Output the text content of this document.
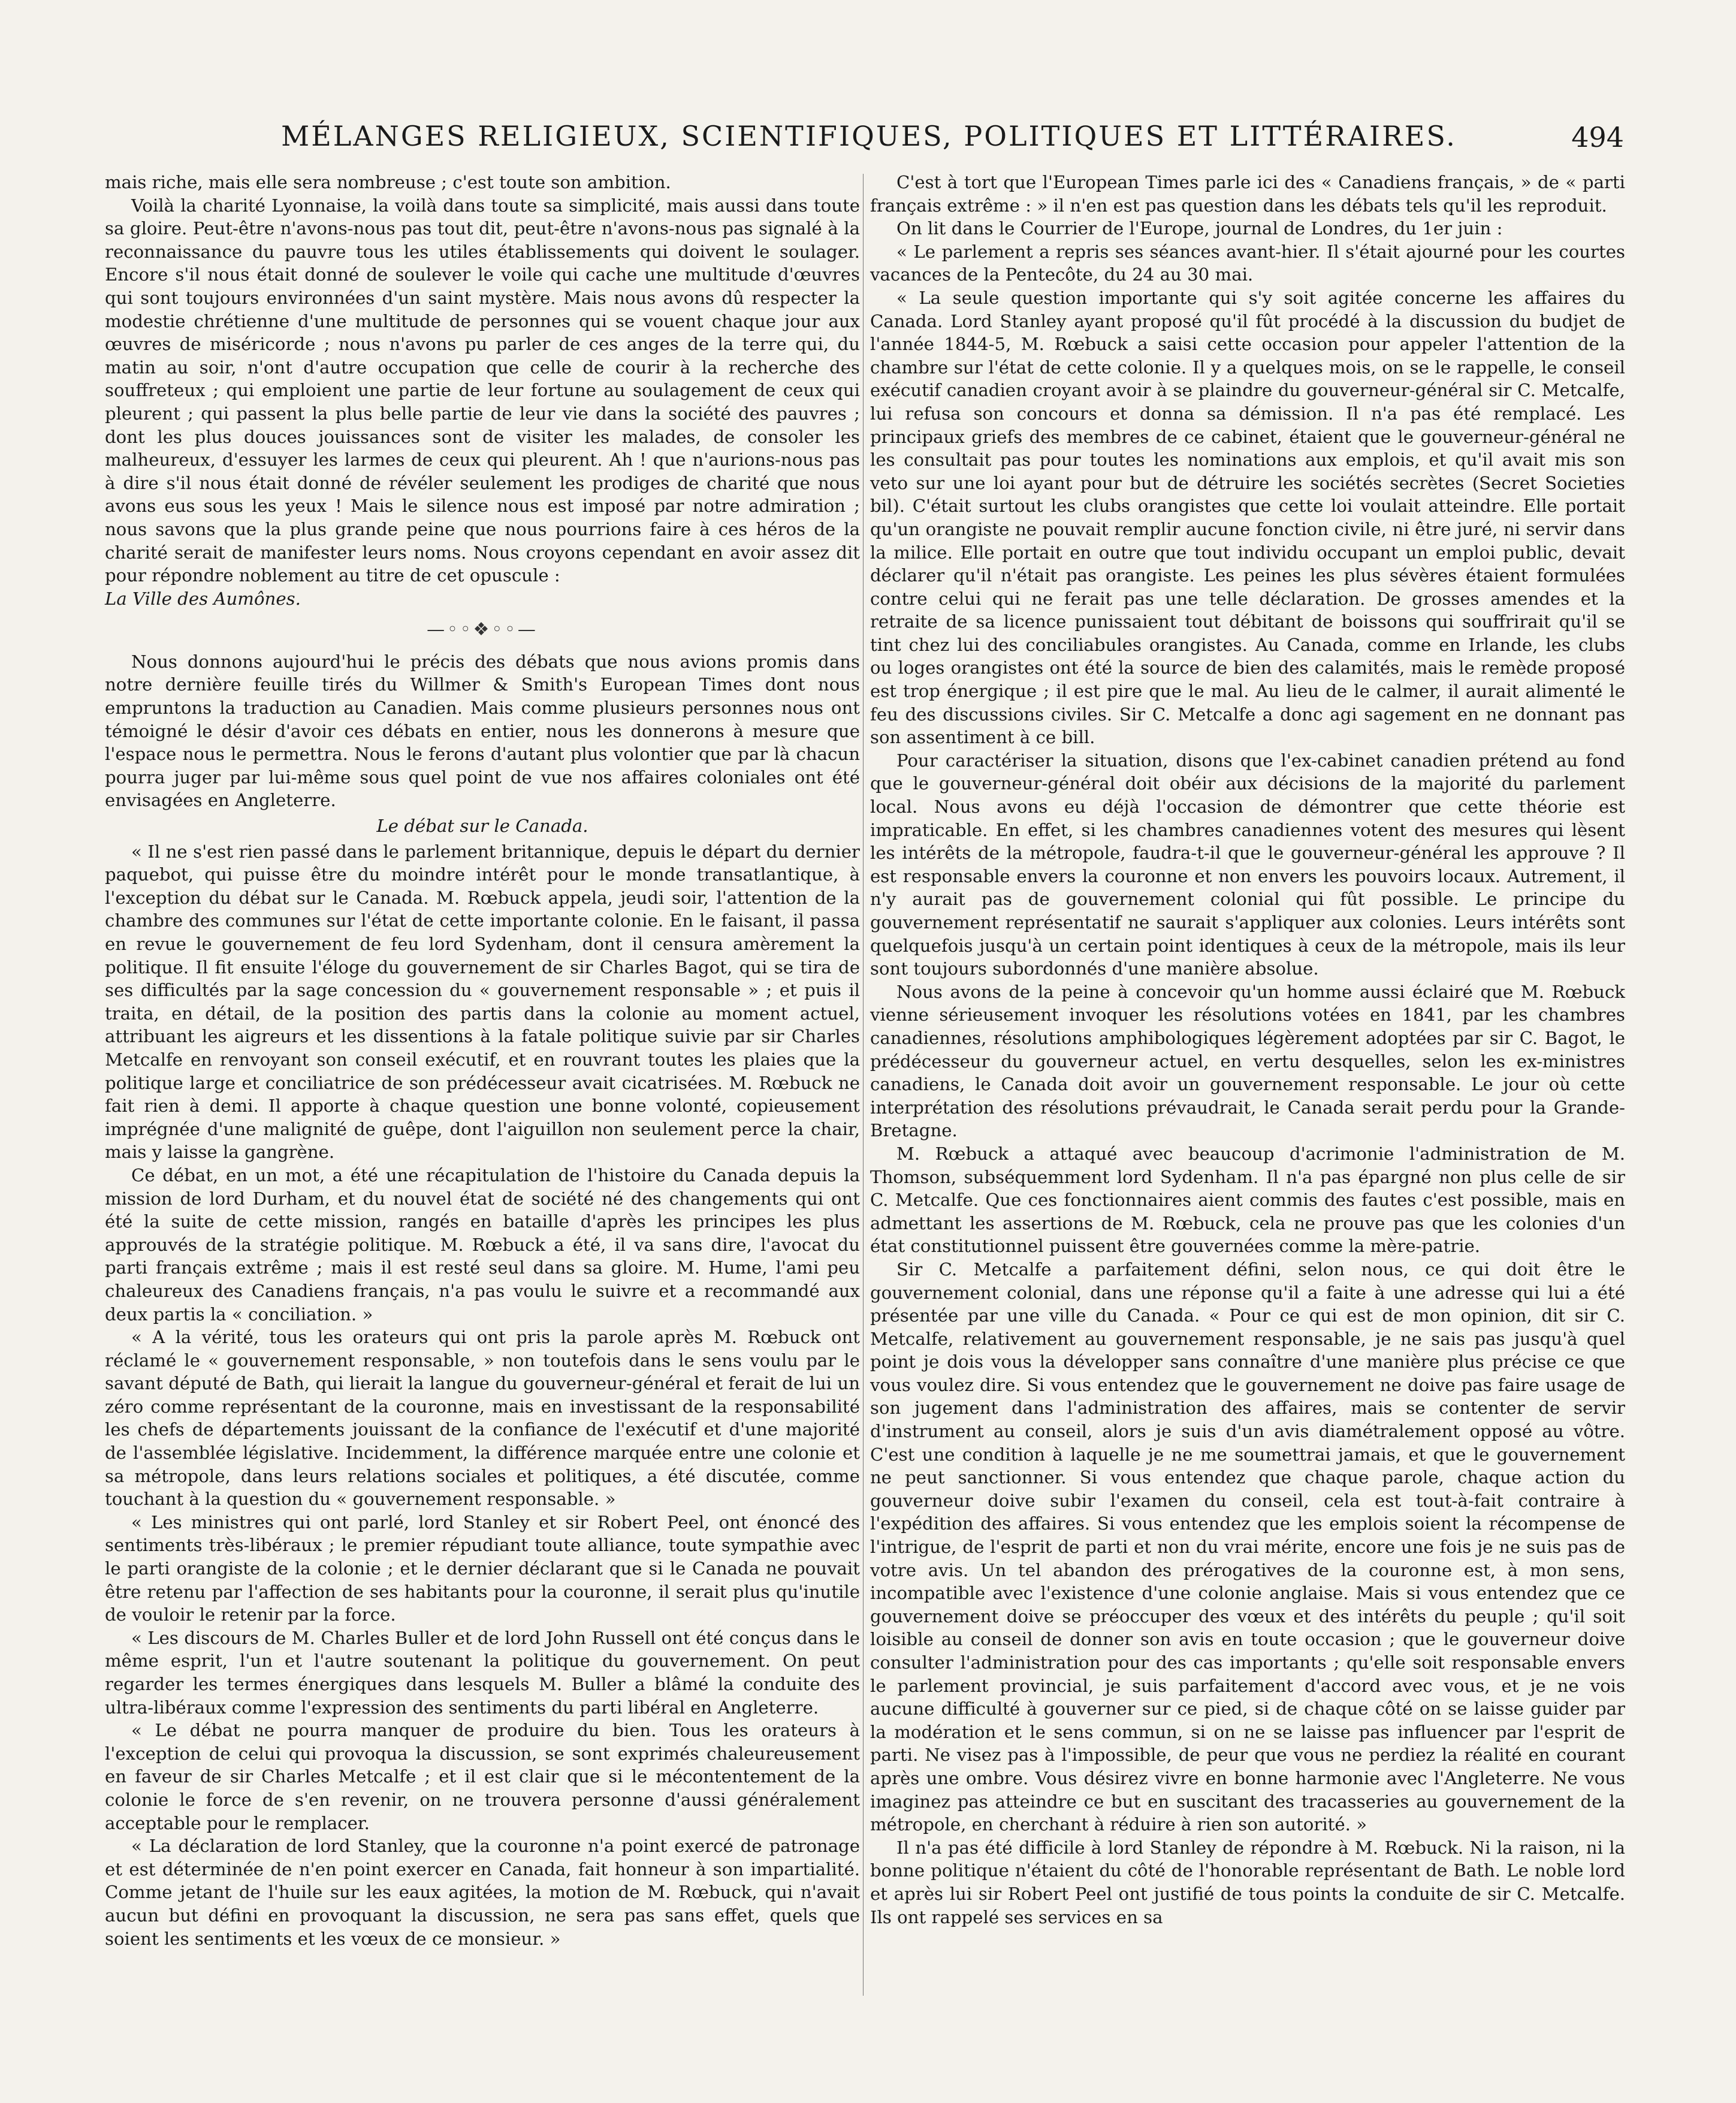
MÉLANGES RELIGIEUX, SCIENTIFIQUES, POLITIQUES ET LITTÉRAIRES.	494

mais riche, mais elle sera nombreuse ; c'est toute son ambition.

Voilà la charité Lyonnaise, la voilà dans toute sa simplicité, mais aussi dans toute sa gloire. Peut-être n'avons-nous pas tout dit, peut-être n'avons-nous pas signalé à la reconnaissance du pauvre tous les utiles établissements qui doivent le soulager. Encore s'il nous était donné de soulever le voile qui cache une multitude d'œuvres qui sont toujours environnées d'un saint mystère. Mais nous avons dû respecter la modestie chrétienne d'une multitude de personnes qui se vouent chaque jour aux œuvres de miséricorde ; nous n'avons pu parler de ces anges de la terre qui, du matin au soir, n'ont d'autre occupation que celle de courir à la recherche des souffreteux ; qui emploient une partie de leur fortune au soulagement de ceux qui pleurent ; qui passent la plus belle partie de leur vie dans la société des pauvres ; dont les plus douces jouissances sont de visiter les malades, de consoler les malheureux, d'essuyer les larmes de ceux qui pleurent. Ah ! que n'aurions-nous pas à dire s'il nous était donné de révéler seulement les prodiges de charité que nous avons eus sous les yeux ! Mais le silence nous est imposé par notre admiration ; nous savons que la plus grande peine que nous pourrions faire à ces héros de la charité serait de manifester leurs noms. Nous croyons cependant en avoir assez dit pour répondre noblement au titre de cet opuscule :

La Ville des Aumônes.

—◦◦❖◦◦—

Nous donnons aujourd'hui le précis des débats que nous avions promis dans notre dernière feuille tirés du Willmer & Smith's European Times dont nous empruntons la traduction au Canadien. Mais comme plusieurs personnes nous ont témoigné le désir d'avoir ces débats en entier, nous les donnerons à mesure que l'espace nous le permettra. Nous le ferons d'autant plus volontier que par là chacun pourra juger par lui-même sous quel point de vue nos affaires coloniales ont été envisagées en Angleterre.

Le débat sur le Canada.

« Il ne s'est rien passé dans le parlement britannique, depuis le départ du dernier paquebot, qui puisse être du moindre intérêt pour le monde transatlantique, à l'exception du débat sur le Canada. M. Rœbuck appela, jeudi soir, l'attention de la chambre des communes sur l'état de cette importante colonie. En le faisant, il passa en revue le gouvernement de feu lord Sydenham, dont il censura amèrement la politique. Il fit ensuite l'éloge du gouvernement de sir Charles Bagot, qui se tira de ses difficultés par la sage concession du « gouvernement responsable » ; et puis il traita, en détail, de la position des partis dans la colonie au moment actuel, attribuant les aigreurs et les dissentions à la fatale politique suivie par sir Charles Metcalfe en renvoyant son conseil exécutif, et en rouvrant toutes les plaies que la politique large et conciliatrice de son prédécesseur avait cicatrisées. M. Rœbuck ne fait rien à demi. Il apporte à chaque question une bonne volonté, copieusement imprégnée d'une malignité de guêpe, dont l'aiguillon non seulement perce la chair, mais y laisse la gangrène.

Ce débat, en un mot, a été une récapitulation de l'histoire du Canada depuis la mission de lord Durham, et du nouvel état de société né des changements qui ont été la suite de cette mission, rangés en bataille d'après les principes les plus approuvés de la stratégie politique. M. Rœbuck a été, il va sans dire, l'avocat du parti français extrême ; mais il est resté seul dans sa gloire. M. Hume, l'ami peu chaleureux des Canadiens français, n'a pas voulu le suivre et a recommandé aux deux partis la « conciliation. »

« A la vérité, tous les orateurs qui ont pris la parole après M. Rœbuck ont réclamé le « gouvernement responsable, » non toutefois dans le sens voulu par le savant député de Bath, qui lierait la langue du gouverneur-général et ferait de lui un zéro comme représentant de la couronne, mais en investissant de la responsabilité les chefs de départements jouissant de la confiance de l'exécutif et d'une majorité de l'assemblée législative. Incidemment, la différence marquée entre une colonie et sa métropole, dans leurs relations sociales et politiques, a été discutée, comme touchant à la question du « gouvernement responsable. »

« Les ministres qui ont parlé, lord Stanley et sir Robert Peel, ont énoncé des sentiments très-libéraux ; le premier répudiant toute alliance, toute sympathie avec le parti orangiste de la colonie ; et le dernier déclarant que si le Canada ne pouvait être retenu par l'affection de ses habitants pour la couronne, il serait plus qu'inutile de vouloir le retenir par la force.

« Les discours de M. Charles Buller et de lord John Russell ont été conçus dans le même esprit, l'un et l'autre soutenant la politique du gouvernement. On peut regarder les termes énergiques dans lesquels M. Buller a blâmé la conduite des ultra-libéraux comme l'expression des sentiments du parti libéral en Angleterre.

« Le débat ne pourra manquer de produire du bien. Tous les orateurs à l'exception de celui qui provoqua la discussion, se sont exprimés chaleureusement en faveur de sir Charles Metcalfe ; et il est clair que si le mécontentement de la colonie le force de s'en revenir, on ne trouvera personne d'aussi généralement acceptable pour le remplacer.

« La déclaration de lord Stanley, que la couronne n'a point exercé de patronage et est déterminée de n'en point exercer en Canada, fait honneur à son impartialité. Comme jetant de l'huile sur les eaux agitées, la motion de M. Rœbuck, qui n'avait aucun but défini en provoquant la discussion, ne sera pas sans effet, quels que soient les sentiments et les vœux de ce monsieur. »

C'est à tort que l'European Times parle ici des « Canadiens français, » de « parti français extrême : » il n'en est pas question dans les débats tels qu'il les reproduit.

On lit dans le Courrier de l'Europe, journal de Londres, du 1er juin :

« Le parlement a repris ses séances avant-hier. Il s'était ajourné pour les courtes vacances de la Pentecôte, du 24 au 30 mai.

« La seule question importante qui s'y soit agitée concerne les affaires du Canada. Lord Stanley ayant proposé qu'il fût procédé à la discussion du budjet de l'année 1844-5, M. Rœbuck a saisi cette occasion pour appeler l'attention de la chambre sur l'état de cette colonie. Il y a quelques mois, on se le rappelle, le conseil exécutif canadien croyant avoir à se plaindre du gouverneur-général sir C. Metcalfe, lui refusa son concours et donna sa démission. Il n'a pas été remplacé. Les principaux griefs des membres de ce cabinet, étaient que le gouverneur-général ne les consultait pas pour toutes les nominations aux emplois, et qu'il avait mis son veto sur une loi ayant pour but de détruire les sociétés secrètes (Secret Societies bil). C'était surtout les clubs orangistes que cette loi voulait atteindre. Elle portait qu'un orangiste ne pouvait remplir aucune fonction civile, ni être juré, ni servir dans la milice. Elle portait en outre que tout individu occupant un emploi public, devait déclarer qu'il n'était pas orangiste. Les peines les plus sévères étaient formulées contre celui qui ne ferait pas une telle déclaration. De grosses amendes et la retraite de sa licence punissaient tout débitant de boissons qui souffrirait qu'il se tint chez lui des conciliabules orangistes. Au Canada, comme en Irlande, les clubs ou loges orangistes ont été la source de bien des calamités, mais le remède proposé est trop énergique ; il est pire que le mal. Au lieu de le calmer, il aurait alimenté le feu des discussions civiles. Sir C. Metcalfe a donc agi sagement en ne donnant pas son assentiment à ce bill.

Pour caractériser la situation, disons que l'ex-cabinet canadien prétend au fond que le gouverneur-général doit obéir aux décisions de la majorité du parlement local. Nous avons eu déjà l'occasion de démontrer que cette théorie est impraticable. En effet, si les chambres canadiennes votent des mesures qui lèsent les intérêts de la métropole, faudra-t-il que le gouverneur-général les approuve ? Il est responsable envers la couronne et non envers les pouvoirs locaux. Autrement, il n'y aurait pas de gouvernement colonial qui fût possible. Le principe du gouvernement représentatif ne saurait s'appliquer aux colonies. Leurs intérêts sont quelquefois jusqu'à un certain point identiques à ceux de la métropole, mais ils leur sont toujours subordonnés d'une manière absolue.

Nous avons de la peine à concevoir qu'un homme aussi éclairé que M. Rœbuck vienne sérieusement invoquer les résolutions votées en 1841, par les chambres canadiennes, résolutions amphibologiques légèrement adoptées par sir C. Bagot, le prédécesseur du gouverneur actuel, en vertu desquelles, selon les ex-ministres canadiens, le Canada doit avoir un gouvernement responsable. Le jour où cette interprétation des résolutions prévaudrait, le Canada serait perdu pour la Grande-Bretagne.

M. Rœbuck a attaqué avec beaucoup d'acrimonie l'administration de M. Thomson, subséquemment lord Sydenham. Il n'a pas épargné non plus celle de sir C. Metcalfe. Que ces fonctionnaires aient commis des fautes c'est possible, mais en admettant les assertions de M. Rœbuck, cela ne prouve pas que les colonies d'un état constitutionnel puissent être gouvernées comme la mère-patrie.

Sir C. Metcalfe a parfaitement défini, selon nous, ce qui doit être le gouvernement colonial, dans une réponse qu'il a faite à une adresse qui lui a été présentée par une ville du Canada. « Pour ce qui est de mon opinion, dit sir C. Metcalfe, relativement au gouvernement responsable, je ne sais pas jusqu'à quel point je dois vous la développer sans connaître d'une manière plus précise ce que vous voulez dire. Si vous entendez que le gouvernement ne doive pas faire usage de son jugement dans l'administration des affaires, mais se contenter de servir d'instrument au conseil, alors je suis d'un avis diamétralement opposé au vôtre. C'est une condition à laquelle je ne me soumettrai jamais, et que le gouvernement ne peut sanctionner. Si vous entendez que chaque parole, chaque action du gouverneur doive subir l'examen du conseil, cela est tout-à-fait contraire à l'expédition des affaires. Si vous entendez que les emplois soient la récompense de l'intrigue, de l'esprit de parti et non du vrai mérite, encore une fois je ne suis pas de votre avis. Un tel abandon des prérogatives de la couronne est, à mon sens, incompatible avec l'existence d'une colonie anglaise. Mais si vous entendez que ce gouvernement doive se préoccuper des vœux et des intérêts du peuple ; qu'il soit loisible au conseil de donner son avis en toute occasion ; que le gouverneur doive consulter l'administration pour des cas importants ; qu'elle soit responsable envers le parlement provincial, je suis parfaitement d'accord avec vous, et je ne vois aucune difficulté à gouverner sur ce pied, si de chaque côté on se laisse guider par la modération et le sens commun, si on ne se laisse pas influencer par l'esprit de parti. Ne visez pas à l'impossible, de peur que vous ne perdiez la réalité en courant après une ombre. Vous désirez vivre en bonne harmonie avec l'Angleterre. Ne vous imaginez pas atteindre ce but en suscitant des tracasseries au gouvernement de la métropole, en cherchant à réduire à rien son autorité. »

Il n'a pas été difficile à lord Stanley de répondre à M. Rœbuck. Ni la raison, ni la bonne politique n'étaient du côté de l'honorable représentant de Bath. Le noble lord et après lui sir Robert Peel ont justifié de tous points la conduite de sir C. Metcalfe. Ils ont rappelé ses services en sa
